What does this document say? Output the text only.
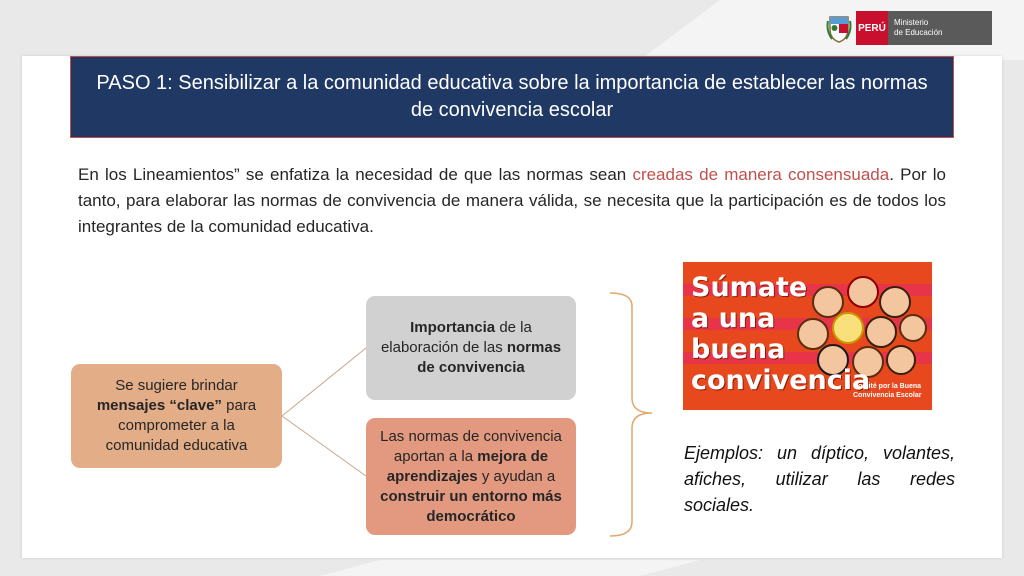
PERÚ Ministerio
de Educación
PASO 1: Sensibilizar a la comunidad educativa sobre la importancia de establecer las normas de convivencia escolar
En los Lineamientos” se enfatiza la necesidad de que las normas sean creadas de manera consensuada. Por lo tanto, para elaborar las normas de convivencia de manera válida, se necesita que la participación es de todos los integrantes de la comunidad educativa.
Se sugiere brindar mensajes “clave” para comprometer a la comunidad educativa
Importancia de la elaboración de las normas de convivencia
Las normas de convivencia aportan a la mejora de aprendizajes y ayudan a construir un entorno más democrático
Súmate
a una
buena
convivencia
Comité por la Buena
Convivencia Escolar
Ejemplos: un díptico, volantes, afiches, utilizar las redes sociales.
